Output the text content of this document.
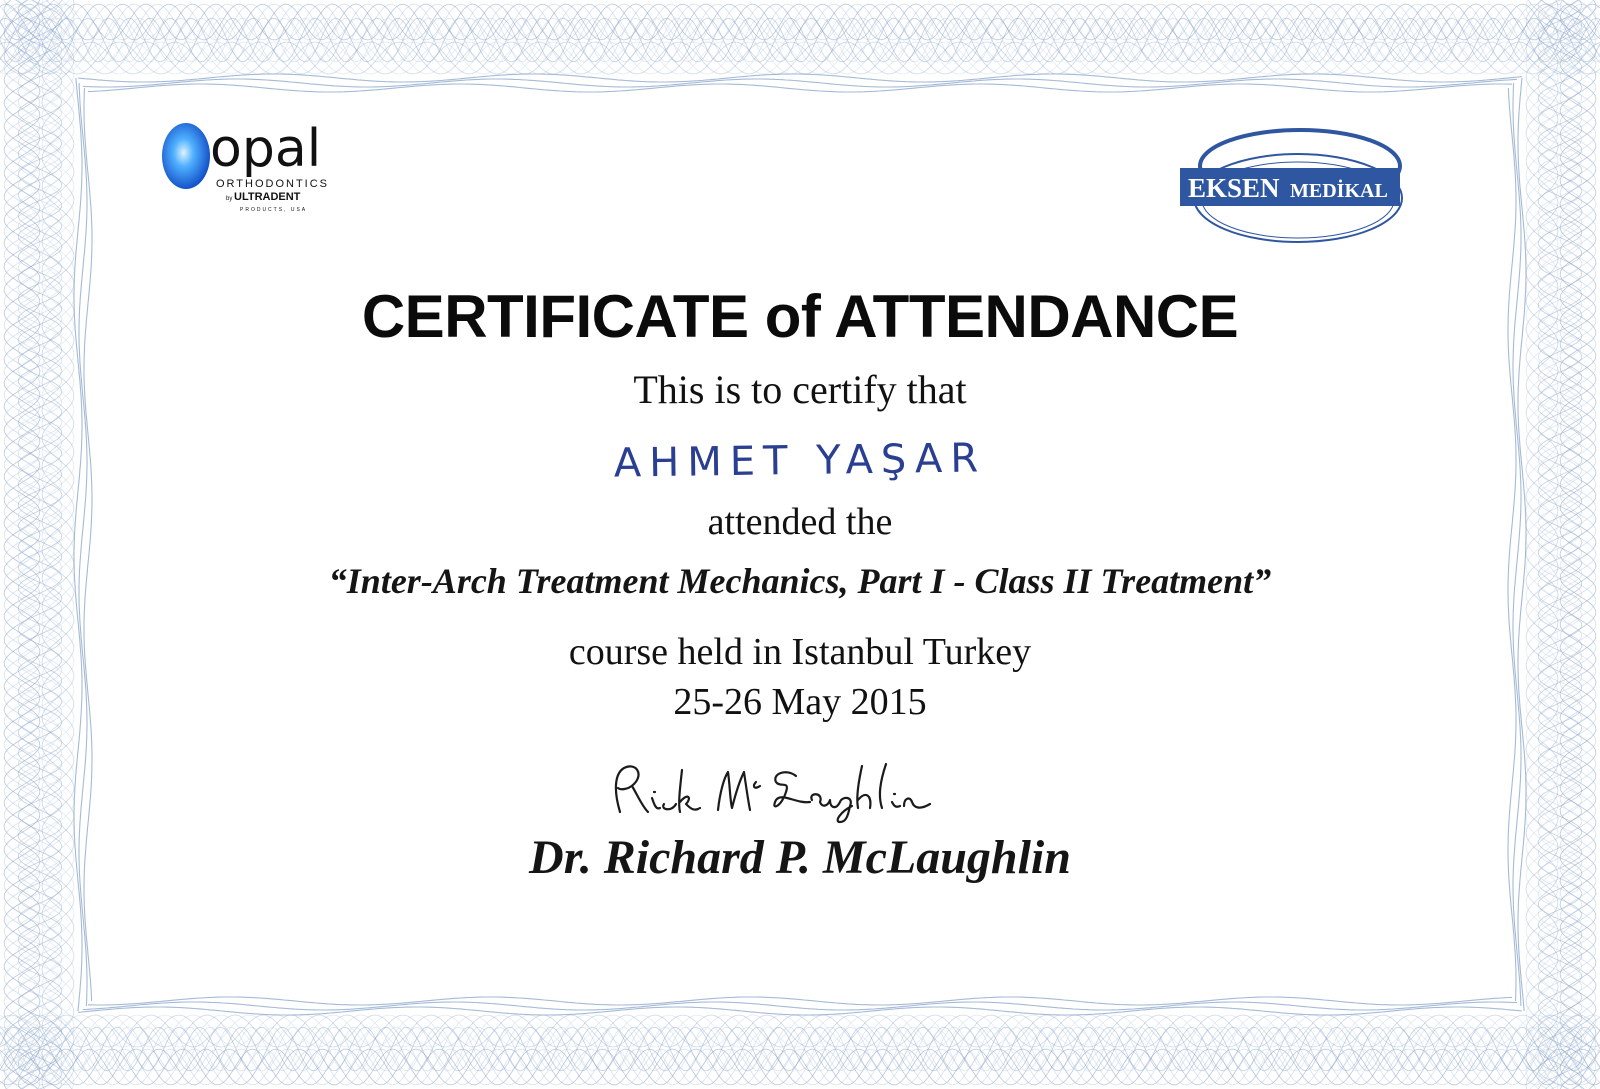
opal
ORTHODONTICS
by ULTRADENT
PRODUCTS, USA
EKSEN MEDİKAL
CERTIFICATE of ATTENDANCE
This is to certify that
AHMET YAŞAR
attended the
“Inter-Arch Treatment Mechanics, Part I - Class II Treatment”
course held in Istanbul Turkey
25-26 May 2015
Dr. Richard P. McLaughlin
